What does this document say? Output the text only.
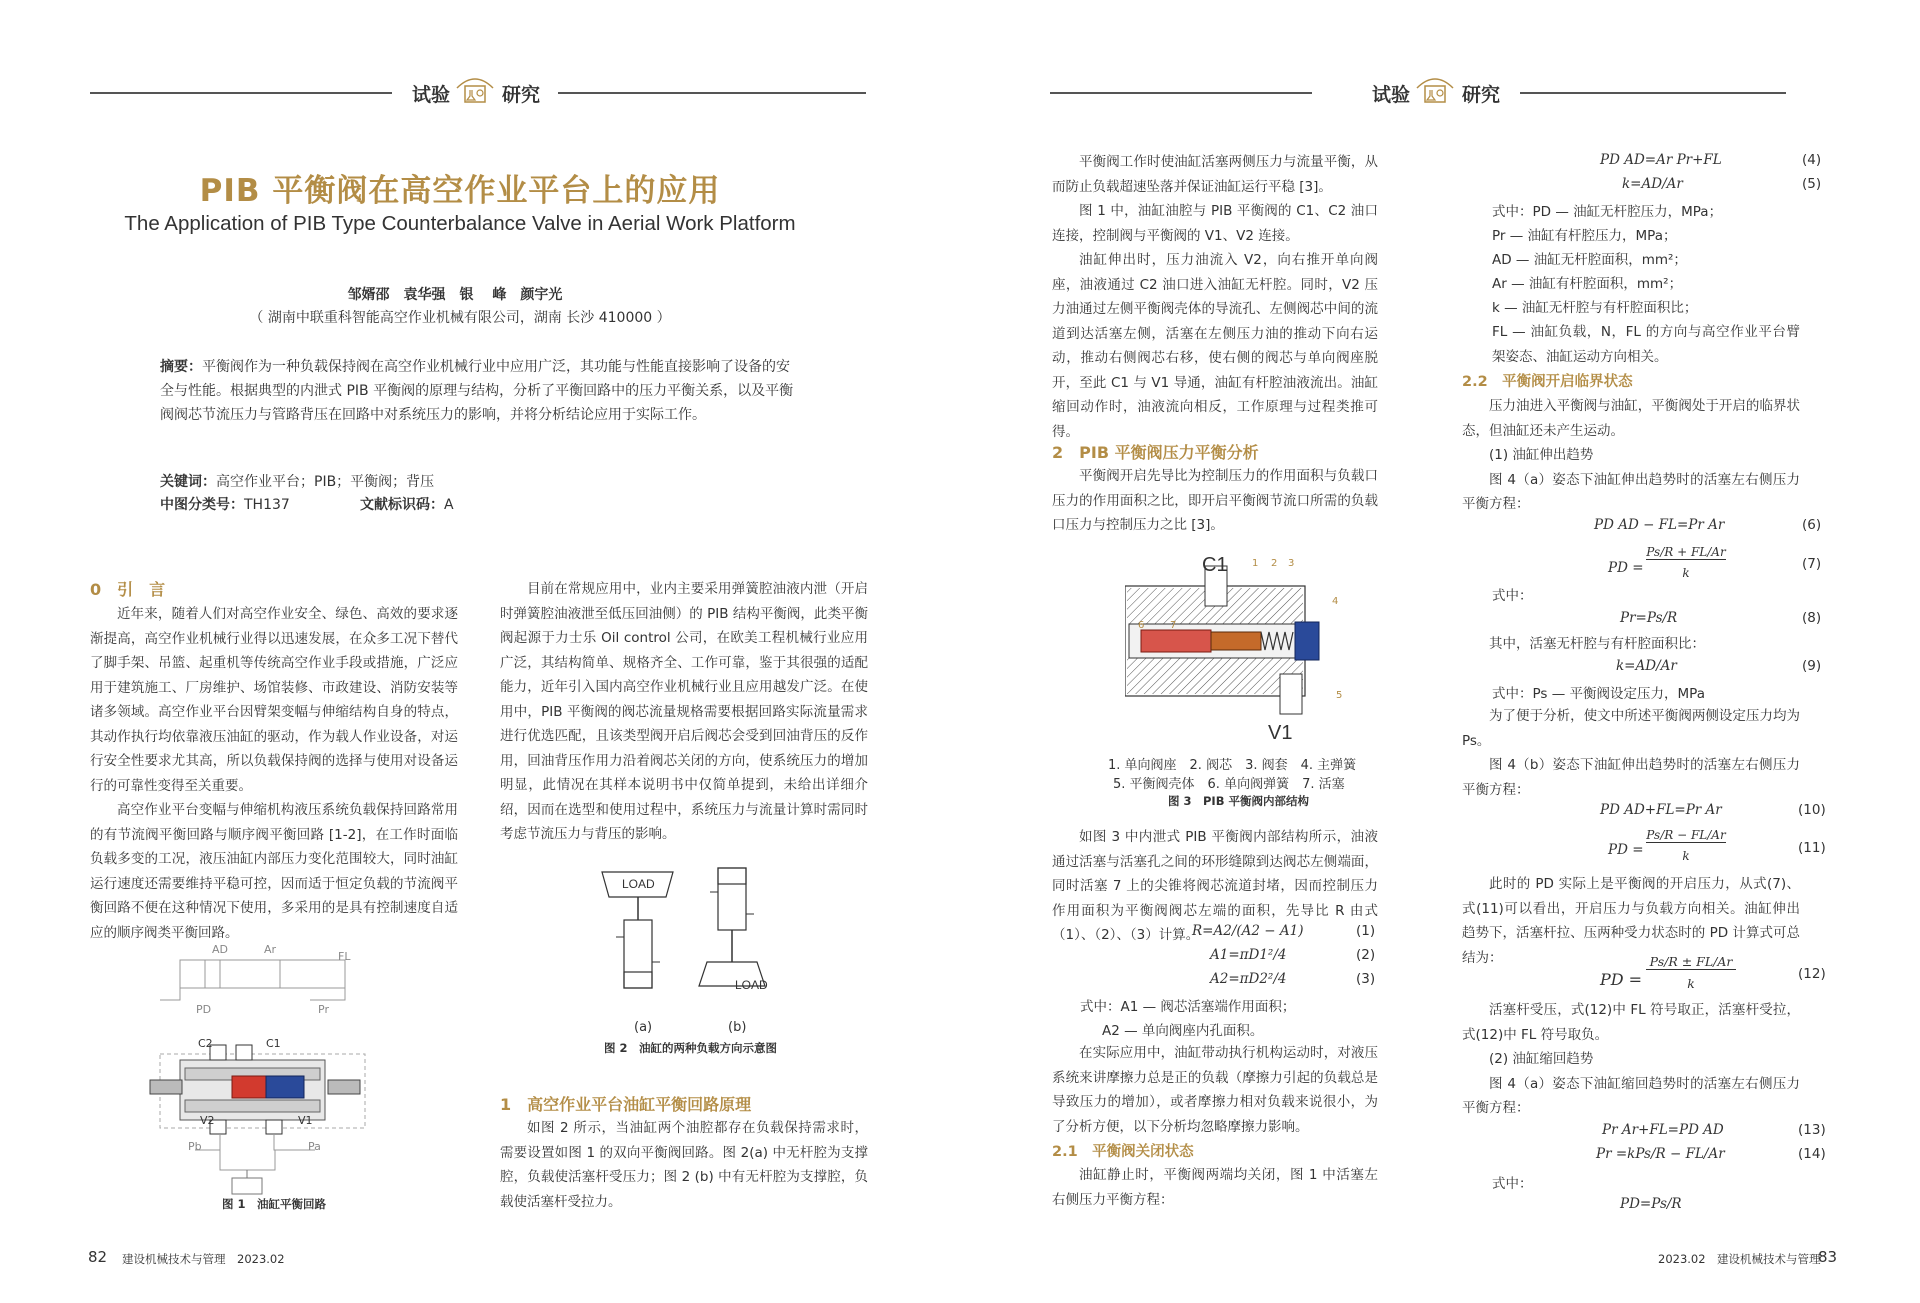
试验	研究
PIB 平衡阀在高空作业平台上的应用
The Application of PIB Type Counterbalance Valve in Aerial Work Platform
邹婿邵　袁华强　银 峰　颜宇光
（ 湖南中联重科智能高空作业机械有限公司，湖南 长沙 410000 ）
摘要：平衡阀作为一种负载保持阀在高空作业机械行业中应用广泛，其功能与性能直接影响了设备的安全与性能。根据典型的内泄式 PIB 平衡阀的原理与结构，分析了平衡回路中的压力平衡关系，以及平衡阀阀芯节流压力与管路背压在回路中对系统压力的影响，并将分析结论应用于实际工作。
关键词：高空作业平台；PIB；平衡阀；背压
中图分类号：TH137	文献标识码：A
0　引　言

近年来，随着人们对高空作业安全、绿色、高效的要求逐渐提高，高空作业机械行业得以迅速发展，在众多工况下替代了脚手架、吊篮、起重机等传统高空作业手段或措施，广泛应用于建筑施工、厂房维护、场馆装修、市政建设、消防安装等诸多领域。高空作业平台因臂架变幅与伸缩结构自身的特点，其动作执行均依靠液压油缸的驱动，作为载人作业设备，对运行安全性要求尤其高，所以负载保持阀的选择与使用对设备运行的可靠性变得至关重要。

高空作业平台变幅与伸缩机构液压系统负载保持回路常用的有节流阀平衡回路与顺序阀平衡回路 [1-2]，在工作时面临负载多变的工况，液压油缸内部压力变化范围较大，同时油缸运行速度还需要维持平稳可控，因而适于恒定负载的节流阀平衡回路不便在这种情况下使用，多采用的是具有控制速度自适应的顺序阀类平衡回路。

AD	Ar
FL
PD	Pr
C2	C1
V2	V1
Pb	Pa
图 1　油缸平衡回路

目前在常规应用中，业内主要采用弹簧腔油液内泄（开启时弹簧腔油液泄至低压回油侧）的 PIB 结构平衡阀，此类平衡阀起源于力士乐 Oil control 公司，在欧美工程机械行业应用广泛，其结构简单、规格齐全、工作可靠，鉴于其很强的适配能力，近年引入国内高空作业机械行业且应用越发广泛。在使用中，PIB 平衡阀的阀芯流量规格需要根据回路实际流量需求进行优选匹配，且该类型阀开启后阀芯会受到回油背压的反作用，回油背压作用力沿着阀芯关闭的方向，使系统压力的增加明显，此情况在其样本说明书中仅简单提到，未给出详细介绍，因而在选型和使用过程中，系统压力与流量计算时需同时考虑节流压力与背压的影响。

LOAD
LOAD
(a)	(b)
图 2　油缸的两种负载方向示意图
1　高空作业平台油缸平衡回路原理

如图 2 所示，当油缸两个油腔都存在负载保持需求时，需要设置如图 1 的双向平衡阀回路。图 2(a) 中无杆腔为支撑腔，负载使活塞杆受压力；图 2 (b) 中有无杆腔为支撑腔，负载使活塞杆受拉力。

82 建设机械技术与管理　2023.02
试验	研究

平衡阀工作时使油缸活塞两侧压力与流量平衡，从而防止负载超速坠落并保证油缸运行平稳 [3]。

图 1 中，油缸油腔与 PIB 平衡阀的 C1、C2 油口连接，控制阀与平衡阀的 V1、V2 连接。

油缸伸出时，压力油流入 V2，向右推开单向阀座，油液通过 C2 油口进入油缸无杆腔。同时，V2 压力油通过左侧平衡阀壳体的导流孔、左侧阀芯中间的流道到达活塞左侧，活塞在左侧压力油的推动下向右运动，推动右侧阀芯右移，使右侧的阀芯与单向阀座脱开，至此 C1 与 V1 导通，油缸有杆腔油液流出。油缸缩回动作时，油液流向相反，工作原理与过程类推可得。

2　PIB 平衡阀压力平衡分析

平衡阀开启先导比为控制压力的作用面积与负载口压力的作用面积之比，即开启平衡阀节流口所需的负载口压力与控制压力之比 [3]。

C1
V1
1 2 3
4
5
6	7
1. 单向阀座　2. 阀芯　3. 阀套　4. 主弹簧
5. 平衡阀壳体　6. 单向阀弹簧　7. 活塞
图 3　PIB 平衡阀内部结构

如图 3 中内泄式 PIB 平衡阀内部结构所示，油液通过活塞与活塞孔之间的环形缝隙到达阀芯左侧端面，同时活塞 7 上的尖锥将阀芯流道封堵，因而控制压力作用面积为平衡阀阀芯左端的面积，先导比 R 由式（1）、（2）、（3）计算。

R=A2/(A2 − A1)	(1)
A1=πD1²/4	(2)
A2=πD2²/4	(3)
式中：A1 — 阀芯活塞端作用面积；
A2 — 单向阀座内孔面积。

在实际应用中，油缸带动执行机构运动时，对液压系统来讲摩擦力总是正的负载（摩擦力引起的负载总是导致压力的增加），或者摩擦力相对负载来说很小，为了分析方便，以下分析均忽略摩擦力影响。

2.1　平衡阀关闭状态

油缸静止时，平衡阀两端均关闭，图 1 中活塞左右侧压力平衡方程：

PD AD=Ar Pr+FL	(4)
k=AD/Ar	(5)
式中：PD — 油缸无杆腔压力，MPa；
Pr — 油缸有杆腔压力，MPa；
AD — 油缸无杆腔面积，mm²；
Ar — 油缸有杆腔面积，mm²；
k — 油缸无杆腔与有杆腔面积比；

FL — 油缸负载，N，FL 的方向与高空作业平台臂架姿态、油缸运动方向相关。

2.2　平衡阀开启临界状态

压力油进入平衡阀与油缸，平衡阀处于开启的临界状态，但油缸还未产生运动。

(1) 油缸伸出趋势

图 4（a）姿态下油缸伸出趋势时的活塞左右侧压力平衡方程：

PD AD − FL=Pr Ar	(6)
PD =
Ps/R + FL/Ar
k
(7)
式中：
Pr=Ps/R	(8)

其中，活塞无杆腔与有杆腔面积比：

k=AD/Ar	(9)
式中：Ps — 平衡阀设定压力，MPa

为了便于分析，使文中所述平衡阀两侧设定压力均为 Ps。

图 4（b）姿态下油缸伸出趋势时的活塞左右侧压力平衡方程：

PD AD+FL=Pr Ar	(10)
PD =
Ps/R − FL/Ar
k	(11)

此时的 PD 实际上是平衡阀的开启压力，从式(7)、式(11)可以看出，开启压力与负载方向相关。油缸伸出趋势下，活塞杆拉、压两种受力状态时的 PD 计算式可总结为：

PD =
Ps/R ± FL/Ar
k
(12)

活塞杆受压，式(12)中 FL 符号取正，活塞杆受拉，式(12)中 FL 符号取负。

(2) 油缸缩回趋势

图 4（a）姿态下油缸缩回趋势时的活塞左右侧压力平衡方程：

Pr Ar+FL=PD AD	(13)
Pr =kPs/R − FL/Ar	(14)
式中：
PD=Ps/R
2023.02　建设机械技术与管理
83
